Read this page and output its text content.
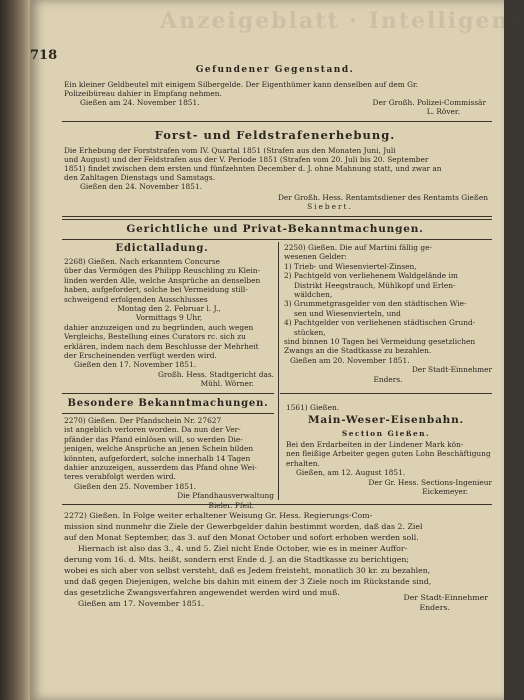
Anzeigeblatt · Intelligenz
718
Gefundener Gegenstand.
Ein kleiner Geldbeutel mit einigem Silbergelde. Der Eigenthümer kann denselben auf dem Gr.
Polizeibüreau dahier in Empfang nehmen.
Gießen am 24. November 1851.	Der Großh. Polizei-Commissär
L. Röver.
Forst- und Feldstrafenerhebung.
Die Erhebung der Forststrafen vom IV. Quartal 1851 (Strafen aus den Monaten Juni, Juli
und August) und der Feldstrafen aus der V. Periode 1851 (Strafen vom 20. Juli bis 20. September
1851) findet zwischen dem ersten und fünfzehnten December d. J. ohne Mahnung statt, und zwar an
den Zahltagen Dienstags und Samstags.
Gießen den 24. November 1851.
Der Großh. Hess. Rentamtsdiener des Rentamts Gießen
Siebert.
Gerichtliche und Privat-Bekanntmachungen.
Edictalladung.
2268) Gießen. Nach erkanntem Concurse
über das Vermögen des Philipp Reuschling zu Klein-
linden werden Alle, welche Ansprüche an denselben
haben, aufgefordert, solche bei Vermeidung still-
schweigend erfolgenden Ausschlusses
Montag den 2. Februar l. J.,
Vormittags 9 Uhr,
dahier anzuzeigen und zu begründen, auch wegen
Vergleichs, Bestellung eines Curators rc. sich zu
erklären, indem nach dem Beschlusse der Mehrheit
der Erscheinenden verfügt werden wird.
Gießen den 17. November 1851.
Großh. Hess. Stadtgericht das.
Mühl. Wörner.
Besondere Bekanntmachungen.
2270) Gießen. Der Pfandschein Nr. 27627
ist angeblich verloren worden. Da nun der Ver-
pfänder das Pfand einlösen will, so werden Die-
jenigen, welche Ansprüche an jenen Schein bilden
könnten, aufgefordert, solche innerhalb 14 Tagen
dahier anzuzeigen, ausserdem das Pfand ohne Wei-
teres verabfolgt werden wird.
Gießen den 25. November 1851.
Die Pfandhausverwaltung
Bieler. Pfeil.
2250) Gießen. Die auf Martini fällig ge-
wesenen Gelder:
1) Trieb- und Wiesenviertel-Zinsen,
2) Pachtgeld von verliehenem Waldgelände im
Distrikt Heegstrauch, Mühlkopf und Erlen-
wäldchen,
3) Grummetgrasgelder von den städtischen Wie-
sen und Wiesenvierteln, und
4) Pachtgelder von verliehenen städtischen Grund-
stücken,
sind binnen 10 Tagen bei Vermeidung gesetzlichen
Zwangs an die Stadtkasse zu bezahlen.
Gießen am 20. November 1851.
Der Stadt-Einnehmer
Enders.
1561) Gießen.
Main-Weser-Eisenbahn.
Section Gießen.
Bei den Erdarbeiten in der Lindener Mark kön-
nen fleißige Arbeiter gegen guten Lohn Beschäftigung
erhalten.
Gießen, am 12. August 1851.
Der Gr. Hess. Sections-Ingenieur
Eickemeyer.
2272) Gießen. In Folge weiter erhaltener Weisung Gr. Hess. Regierungs-Com-
mission sind nunmehr die Ziele der Gewerbgelder dahin bestimmt worden, daß das 2. Ziel
auf den Monat September, das 3. auf den Monat October und sofort erhoben werden soll.
Hiernach ist also das 3., 4. und 5. Ziel nicht Ende October, wie es in meiner Auffor-
derung vom 16. d. Mts. heißt, sondern erst Ende d. J. an die Stadtkasse zu berichtigen;
wobei es sich aber von selbst versteht, daß es Jedem freisteht, monatlich 30 kr. zu bezahlen,
und daß gegen Diejenigen, welche bis dahin mit einem der 3 Ziele noch im Rückstande sind,
das gesetzliche Zwangsverfahren angewendet werden wird und muß.
Gießen am 17. November 1851.
Der Stadt-Einnehmer
Enders.
